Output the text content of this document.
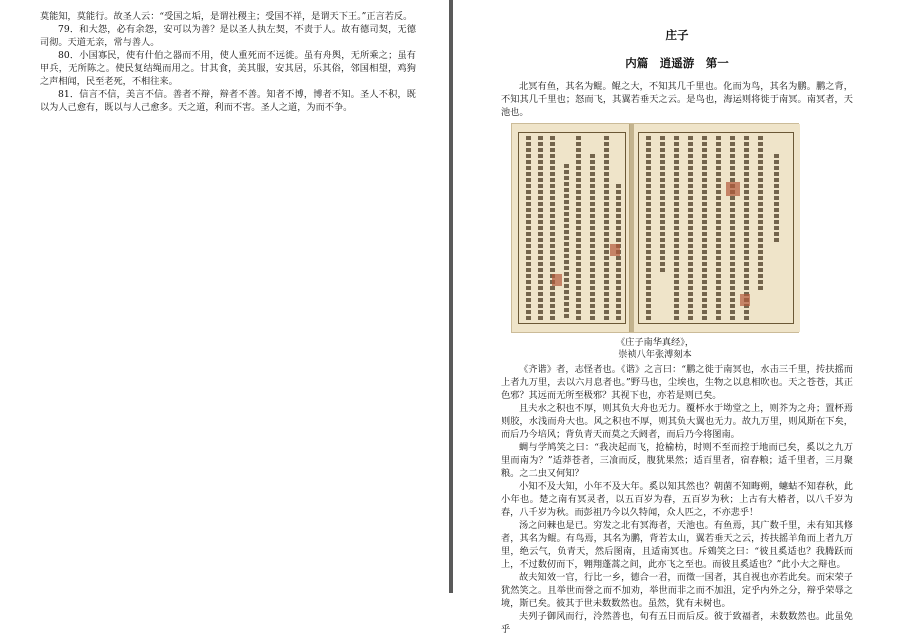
莫能知，莫能行。故圣人云：“受国之垢，是谓社稷主；受国不祥，是谓天下王。”正言若反。

79．和大怨，必有余怨，安可以为善？是以圣人执左契，不责于人。故有德司契，无德司彻。天道无亲，常与善人。

80．小国寡民，使有什伯之器而不用，使人重死而不远徙。虽有舟舆，无所乘之；虽有甲兵，无所陈之。使民复结绳而用之。甘其食，美其服，安其居，乐其俗，邻国相望，鸡狗之声相闻，民至老死，不相往来。

81．信言不信，美言不信。善者不辩，辩者不善。知者不博，博者不知。圣人不积，既以为人己愈有，既以与人己愈多。天之道，利而不害。圣人之道，为而不争。

庄子
内篇　逍遥游　第一

北冥有鱼，其名为鲲。鲲之大，不知其几千里也。化而为鸟，其名为鹏。鹏之背，不知其几千里也；怒而飞，其翼若垂天之云。是鸟也，海运则将徙于南冥。南冥者，天池也。

《庄子南华真经》，
崇祯八年张溥刻本

《齐谐》者，志怪者也。《谐》之言曰：“鹏之徙于南冥也，水击三千里，抟扶摇而上者九万里，去以六月息者也。”野马也，尘埃也，生物之以息相吹也。天之苍苍，其正色邪？其远而无所至极邪？其视下也，亦若是则已矣。

且夫水之积也不厚，则其负大舟也无力。覆杯水于坳堂之上，则芥为之舟；置杯焉则胶，水浅而舟大也。风之积也不厚，则其负大翼也无力。故九万里，则风斯在下矣，而后乃今培风；背负青天而莫之夭阏者，而后乃今将图南。

蜩与学鸠笑之曰：“我决起而飞，抢榆枋，时则不至而控于地而已矣，奚以之九万里而南为？”适莽苍者，三飡而反，腹犹果然；适百里者，宿舂粮；适千里者，三月聚粮。之二虫又何知？

小知不及大知，小年不及大年。奚以知其然也？朝菌不知晦朔，蟪蛄不知春秋，此小年也。楚之南有冥灵者，以五百岁为春，五百岁为秋；上古有大椿者，以八千岁为春，八千岁为秋。而彭祖乃今以久特闻，众人匹之，不亦悲乎！

汤之问棘也是已。穷发之北有冥海者，天池也。有鱼焉，其广数千里，未有知其修者，其名为鲲。有鸟焉，其名为鹏，背若太山，翼若垂天之云，抟扶摇羊角而上者九万里，绝云气，负青天，然后图南，且适南冥也。斥鴳笑之曰：“彼且奚适也？我腾跃而上，不过数仞而下，翱翔蓬蒿之间，此亦飞之至也。而彼且奚适也？”此小大之辩也。

故夫知效一官，行比一乡，德合一君，而徵一国者，其自视也亦若此矣。而宋荣子犹然笑之。且举世而誉之而不加劝，举世而非之而不加沮，定乎内外之分，辩乎荣辱之境，斯已矣。彼其于世未数数然也。虽然，犹有未树也。

夫列子御风而行，泠然善也，旬有五日而后反。彼于致福者，未数数然也。此虽免乎
